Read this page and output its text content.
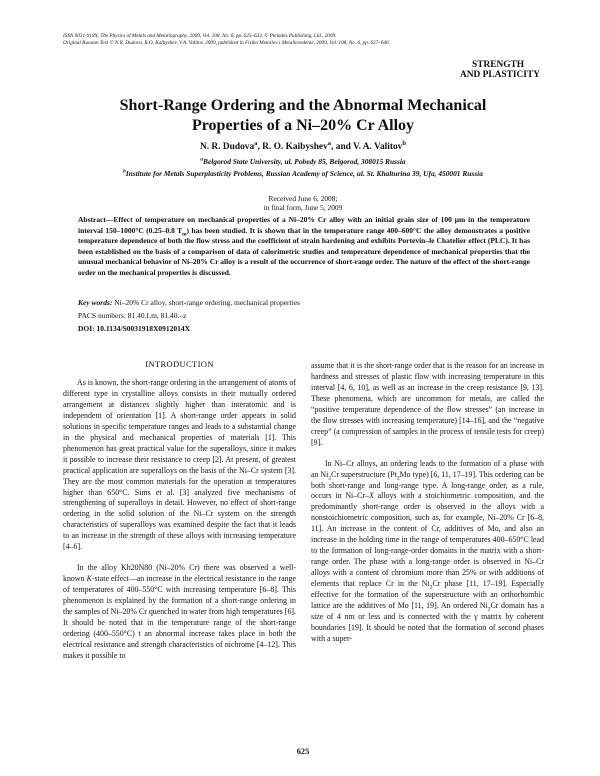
ISSN 0031-918X, The Physics of Metals and Metallography, 2009, Vol. 108, No. 6, pp. 625–633. © Pleiades Publishing, Ltd., 2009.
Original Russian Text © N.R. Dudova, R.O. Kaibyshev, V.A. Valitov, 2009, published in Fizika Metallov i Metallovedenie, 2009, Vol. 108, No. 6, pp. 637–646.
STRENGTH
AND PLASTICITY
Short-Range Ordering and the Abnormal Mechanical
Properties of a Ni–20% Cr Alloy
N. R. Dudova$^a$, R. O. Kaibyshev$^a$, and V. A. Valitov$^b$
$^a$Belgorod State University, ul. Pobedy 85, Belgorod, 308015 Russia
$^b$Institute for Metals Superplasticity Problems, Russian Academy of Science, ul. St. Khalturina 39, Ufa, 450001 Russia
Received June 6, 2008;
in final form, June 5, 2009
Abstract—Effect of temperature on mechanical properties of a Ni–20% Cr alloy with an initial grain size of 100 μm in the temperature interval 150–1000°C (0.25–0.8 $T_m$) has been studied. It is shown that in the temperature range 400–600°C the alloy demonstrates a positive temperature dependence of both the flow stress and the coefficient of strain hardening and exhibits Portevin–le Chatelier effect (PLC). It has been established on the basis of a comparison of data of calorimetric studies and temperature dependence of mechanical properties that the unusual mechanical behavior of Ni–20% Cr alloy is a result of the occurrence of short-range order. The nature of the effect of the short-range order on the mechanical properties is discussed.
Key words: Ni–20% Cr alloy, short-range ordering, mechanical properties
PACS numbers: 81.40.Lm, 81.40.–z
DOI: 10.1134/S0031918X0912014X
INTRODUCTION

As is known, the short-range ordering in the arrangement of atoms of different type in crystalline alloys consists in their mutually ordered arrangement at distances slightly higher than interatomic and is independent of orientation [1]. A short-range order appears in solid solutions in specific temperature ranges and leads to a substantial change in the physical and mechanical properties of materials [1]. This phenomenon has great practical value for the superalloys, since it makes it possible to increase their resistance to creep [2]. At present, of greatest practical application are superalloys on the basis of the Ni–Cr system [3]. They are the most common materials for the operation at temperatures higher than 650°C. Sims et al. [3] analyzed five mechanisms of strengthening of superalloys in detail. However, no effect of short-range ordering in the solid solution of the Ni–Cr system on the strength characteristics of superalloys was examined despite the fact that it leads to an increase in the strength of these alloys with increasing temperature [4–6].

In the alloy Kh20N80 (Ni–20% Cr) there was observed a well-known K-state effect—an increase in the electrical resistance in the range of temperatures of 400–550°C with increasing temperature [6–8]. This phenomenon is explained by the formation of a short-range ordering in the samples of Ni–20% Cr quenched in water from high temperatures [6]. It should be noted that in the temperature range of the short-range ordering (400–550°C) t an abnormal increase takes place in both the electrical resistance and strength characteristics of nichrome [4–12]. This makes it possible to

assume that it is the short-range order that is the reason for an increase in hardness and stresses of plastic flow with increasing temperature in this interval [4, 6, 10], as well as an increase in the creep resistance [9, 13]. These phenomena, which are uncommon for metals, are called the “positive temperature dependence of the flow stresses” (an increase in the flow stresses with increasing temperature) [14–16], and the “negative creep” (a compression of samples in the process of tensile tests for creep) [9].

In Ni–Cr alloys, an ordering leads to the formation of a phase with an $Ni_2Cr$ superstructure ($Pt_2Mo$ type) [6, 11, 17–19]. This ordering can be both short-range and long-range type. A long-range order, as a rule, occurs in Ni–Cr–X alloys with a stoichiometric composition, and the predominantly short-range order is observed in the alloys with a nonstoichiometric composition, such as, for example, Ni–20% Cr [6–8, 11]. An increase in the content of Cr, additives of Mo, and also an increase in the holding time in the range of temperatures 400–650°C lead to the formation of long-range-order domains in the matrix with a short-range order. The phase with a long-range order is observed in Ni–Cr alloys with a content of chromium more than 25% or with additions of elements that replace Cr in the $Ni_2Cr$ phase [11, 17–19]. Especially effective for the formation of the superstructure with an orthorhombic lattice are the additives of Mo [11, 19]. An ordered $Ni_2Cr$ domain has a size of 4 nm or less and is connected with the γ matrix by coherent boundaries [19]. It should be noted that the formation of second phases with a super-

625
